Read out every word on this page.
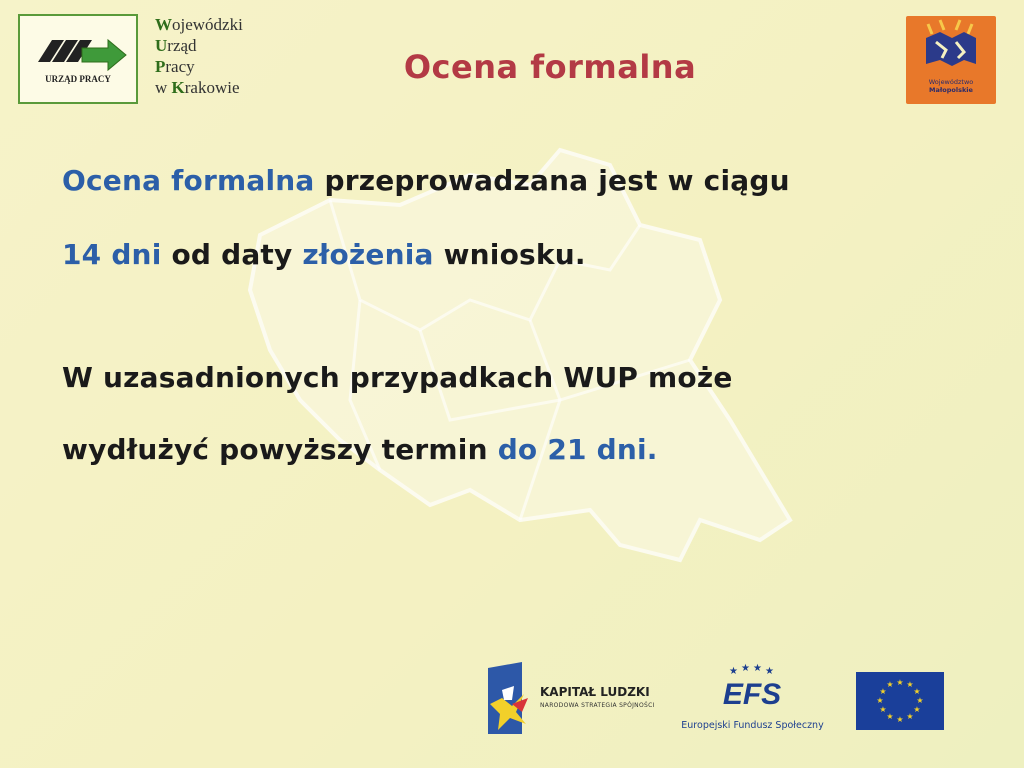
URZĄD PRACY
Wojewódzki
Urząd
Pracy
w Krakowie
Ocena formalna	Województwo
Małopolskie
Ocena formalna przeprowadzana jest w ciągu
14 dni od daty złożenia wniosku.
W uzasadnionych przypadkach WUP może
wydłużyć powyższy termin do 21 dni.
KAPITAŁ LUDZKI
NARODOWA STRATEGIA SPÓJNOŚCI
★ ★ ★ ★
EFS
Europejski Fundusz Społeczny
★ ★
★
★
★
★
★
★
★
★
★
★
